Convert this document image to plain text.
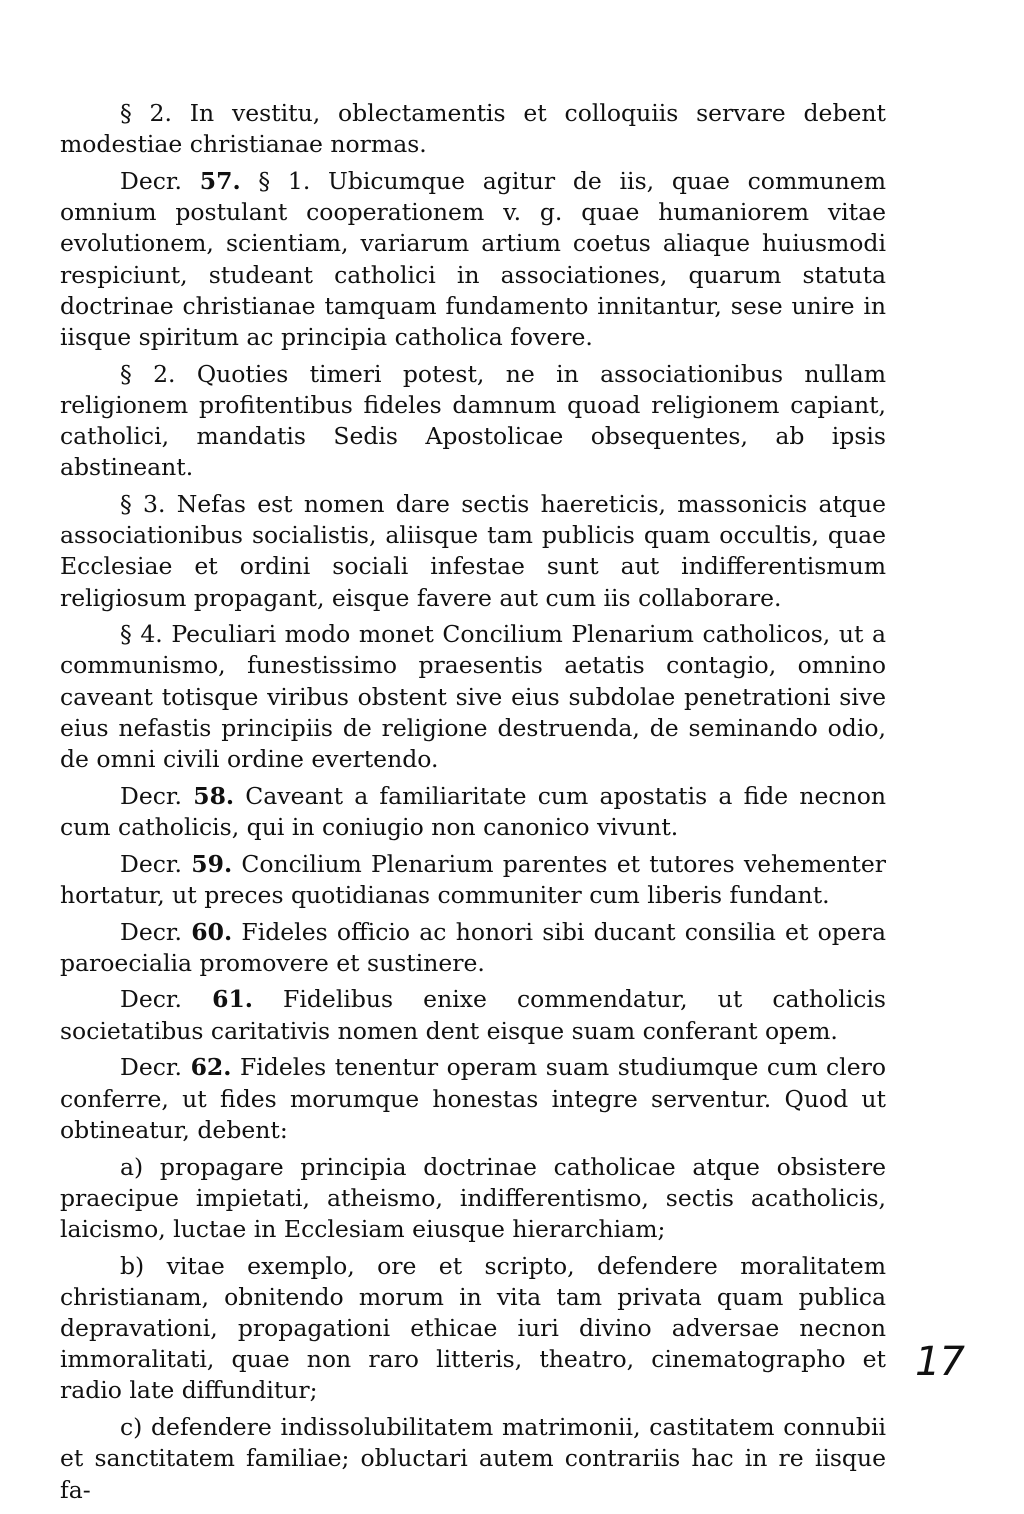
§ 2. In vestitu, oblectamentis et colloquiis servare debent modestiae christianae normas.

Decr. 57. § 1. Ubicumque agitur de iis, quae communem omnium postulant cooperationem v. g. quae humaniorem vitae evolutionem, scientiam, variarum artium coetus aliaque huiusmodi respiciunt, studeant catholici in associationes, quarum statuta doctrinae christianae tamquam fundamento innitantur, sese unire in iisque spiritum ac principia catholica fovere.

§ 2. Quoties timeri potest, ne in associationibus nullam religionem profitentibus fideles damnum quoad religionem capiant, catholici, mandatis Sedis Apostolicae obsequentes, ab ipsis abstineant.

§ 3. Nefas est nomen dare sectis haereticis, massonicis atque associationibus socialistis, aliisque tam publicis quam occultis, quae Ecclesiae et ordini sociali infestae sunt aut indifferentismum religiosum propagant, eisque favere aut cum iis collaborare.

§ 4. Peculiari modo monet Concilium Plenarium catholicos, ut a communismo, funestissimo praesentis aetatis contagio, omnino caveant totisque viribus obstent sive eius subdolae penetrationi sive eius nefastis principiis de religione destruenda, de seminando odio, de omni civili ordine evertendo.

Decr. 58. Caveant a familiaritate cum apostatis a fide necnon cum catholicis, qui in coniugio non canonico vivunt.

Decr. 59. Concilium Plenarium parentes et tutores vehementer hortatur, ut preces quotidianas communiter cum liberis fundant.

Decr. 60. Fideles officio ac honori sibi ducant consilia et opera paroecialia promovere et sustinere.

Decr. 61. Fidelibus enixe commendatur, ut catholicis societatibus caritativis nomen dent eisque suam conferant opem.

Decr. 62. Fideles tenentur operam suam studiumque cum clero conferre, ut fides morumque honestas integre serventur. Quod ut obtineatur, debent:

a) propagare principia doctrinae catholicae atque obsistere praecipue impietati, atheismo, indifferentismo, sectis acatholicis, laicismo, luctae in Ecclesiam eiusque hierarchiam;

b) vitae exemplo, ore et scripto, defendere moralitatem christianam, obnitendo morum in vita tam privata quam publica depravationi, propagationi ethicae iuri divino adversae necnon immoralitati, quae non raro litteris, theatro, cinematographo et radio late diffunditur;

c) defendere indissolubilitatem matrimonii, castitatem connubii et sanctitatem familiae; obluctari autem contrariis hac in re iisque fa-

17
